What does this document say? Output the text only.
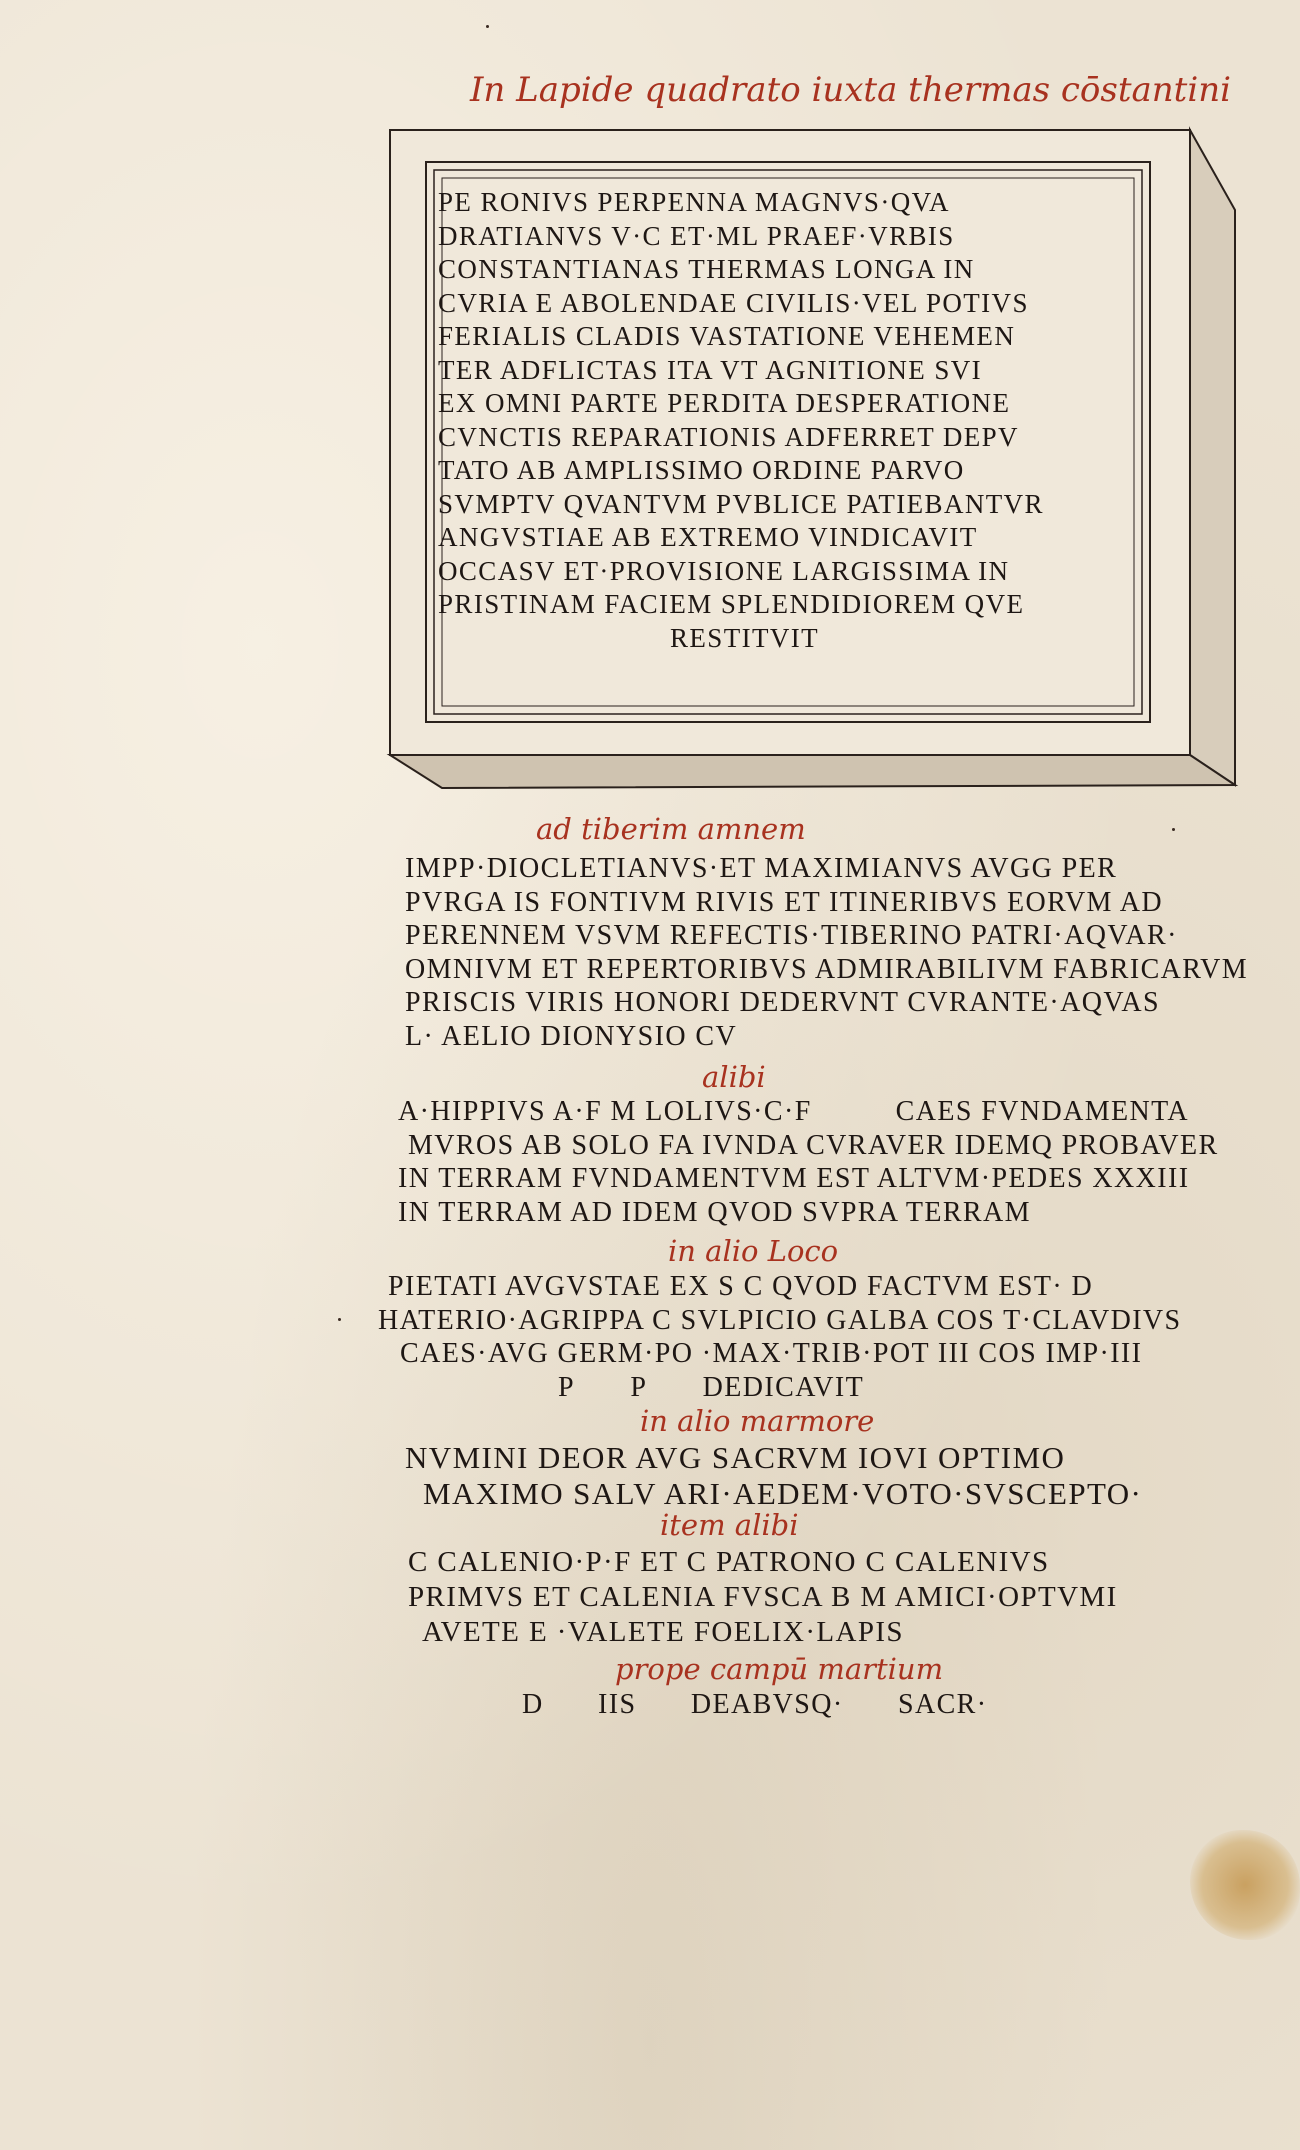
In Lapide quadrato iuxta thermas cōstantini
PE RONIVS PERPENNA MAGNVS·QVA
DRATIANVS V·C ET·ML PRAEF·VRBIS
CONSTANTIANAS THERMAS LONGA IN
CVRIA E ABOLENDAE CIVILIS·VEL POTIVS
FERIALIS CLADIS VASTATIONE VEHEMEN
TER ADFLICTAS ITA VT AGNITIONE SVI
EX OMNI PARTE PERDITA DESPERATIONE
CVNCTIS REPARATIONIS ADFERRET DEPV
TATO AB AMPLISSIMO ORDINE PARVO
SVMPTV QVANTVM PVBLICE PATIEBANTVR
ANGVSTIAE AB EXTREMO VINDICAVIT
OCCASV ET·PROVISIONE LARGISSIMA IN
PRISTINAM FACIEM SPLENDIDIOREM QVE
RESTITVIT
ad tiberim amnem
IMPP·DIOCLETIANVS·ET MAXIMIANVS AVGG PER
PVRGA IS FONTIVM RIVIS ET ITINERIBVS EORVM AD
PERENNEM VSVM REFECTIS·TIBERINO PATRI·AQVAR·
OMNIVM ET REPERTORIBVS ADMIRABILIVM FABRICARVM
PRISCIS VIRIS HONORI DEDERVNT CVRANTE·AQVAS
L· AELIO DIONYSIO CV
alibi
A·HIPPIVS A·F M LOLIVS·C·F          CAES FVNDAMENTA
MVROS AB SOLO FA IVNDA CVRAVER IDEMQ PROBAVER
IN TERRAM FVNDAMENTVM EST ALTVM·PEDES XXXIII
IN TERRAM AD IDEM QVOD SVPRA TERRAM
in alio Loco
PIETATI AVGVSTAE EX S C QVOD FACTVM EST· D
HATERIO·AGRIPPA C SVLPICIO GALBA COS T·CLAVDIVS
CAES·AVG GERM·PO ·MAX·TRIB·POT III COS IMP·III
P P DEDICAVIT
in alio marmore
NVMINI DEOR AVG SACRVM IOVI OPTIMO
MAXIMO SALV ARI·AEDEM·VOTO·SVSCEPTO·
item alibi
C CALENIO·P·F ET C PATRONO C CALENIVS
PRIMVS ET CALENIA FVSCA B M AMICI·OPTVMI
AVETE E ·VALETE FOELIX·LAPIS
prope campū martium
D IIS DEABVSQ· SACR·
